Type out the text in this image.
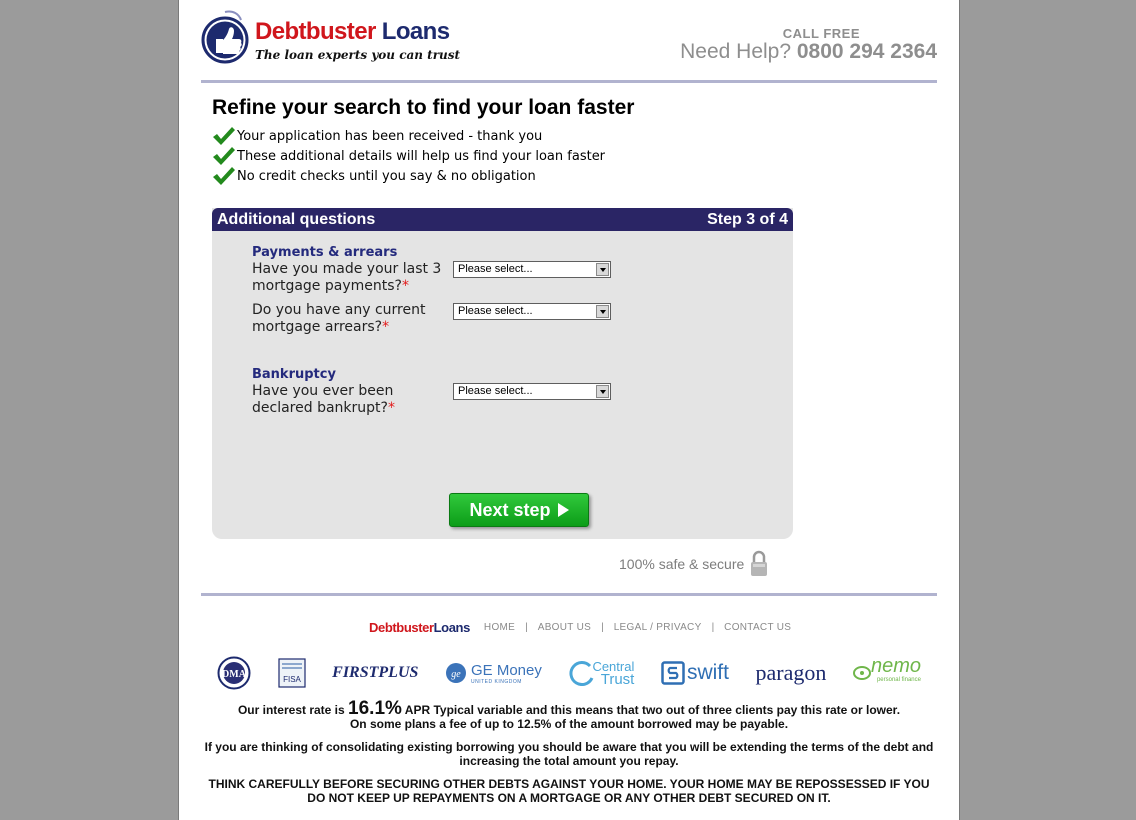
Debtbuster Loans
The loan experts you can trust
CALL FREE
Need Help? 0800 294 2364
Refine your search to find your loan faster
Your application has been received - thank you
These additional details will help us find your loan faster
No credit checks until you say & no obligation
Additional questions	Step 3 of 4
Payments & arrears
Have you made your last 3 mortgage payments?*
Please select...
Do you have any current mortgage arrears?*
Please select...
Bankruptcy
Have you ever been declared bankrupt?*
Please select...
Next step
100% safe & secure
DebtbusterLoans HOME | ABOUT US | LEGAL / PRIVACY | CONTACT US
DMA	FISA FIRSTPLUS	ge GE Money
UNITED KINGDOM
Central
Trust	swift paragon nemo
personal finance

Our interest rate is 16.1% APR Typical variable and this means that two out of three clients pay this rate or lower.
On some plans a fee of up to 12.5% of the amount borrowed may be payable.

If you are thinking of consolidating existing borrowing you should be aware that you will be extending the terms of the debt and increasing the total amount you repay.

THINK CAREFULLY BEFORE SECURING OTHER DEBTS AGAINST YOUR HOME. YOUR HOME MAY BE REPOSSESSED IF YOU DO NOT KEEP UP REPAYMENTS ON A MORTGAGE OR ANY OTHER DEBT SECURED ON IT.
